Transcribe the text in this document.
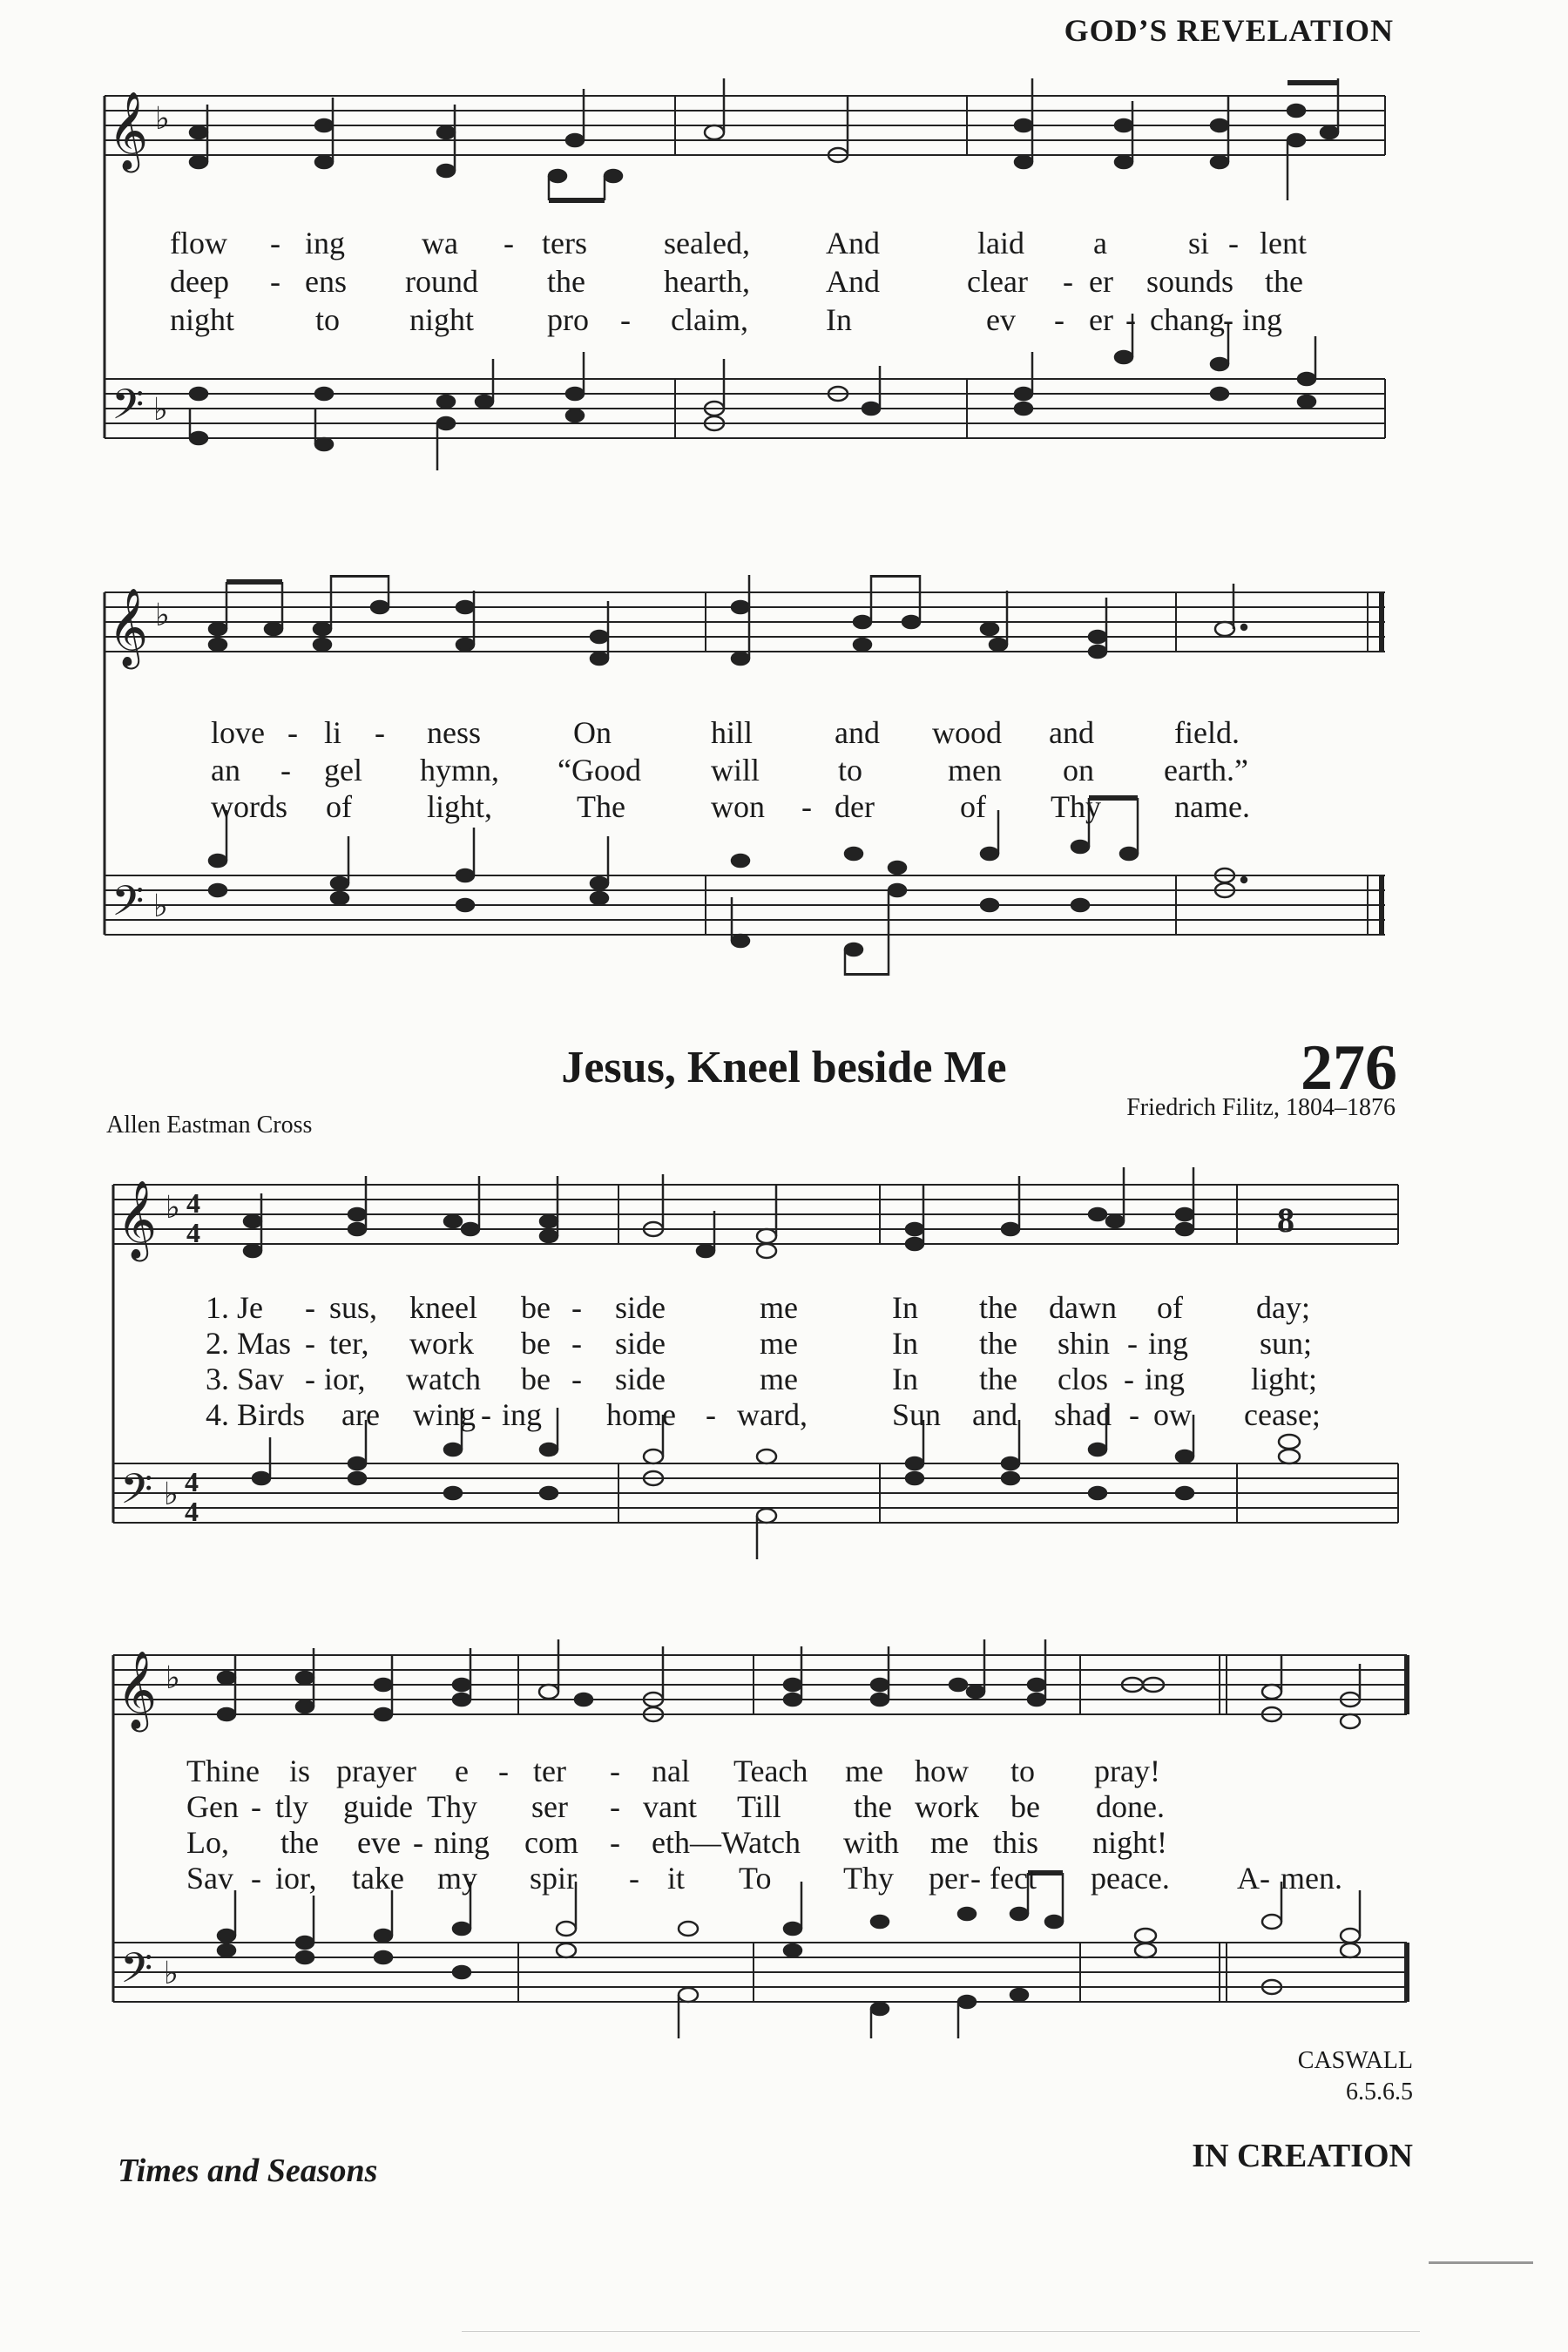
GOD’S REVELATION
𝄞
𝄢
♭
♭
flow - ing wa - ters sealed, And	laid a	si - lent
deep - ens round the	hearth, And	clear - er sounds the
night	to night pro - claim, In	ev - er - chang
- ing
𝄞
𝄢
♭
♭
love - li - ness	On	hill	and wood and	field.
an - gel hymn, “Good will to	men on earth.”
words of light,	The	won - der	of Thy name.
Jesus, Kneel beside Me	276
Allen Eastman Cross
Friedrich Filitz, 1804–1876
𝄞
𝄢
♭
♭
4
4
4
4
8
1. Je - sus, kneel be - side	me	In the dawn of day;
2. Mas - ter, work be - side	me	In the shin - ing sun;
3. Sav - ior, watch be - side	me	In the clos - ing light;
4. Birds are wing - ing home - ward,	Sun and shad - ow cease;
𝄞
𝄢
♭
♭
Thine is prayer e - ter - nal Teach me how to pray!
Gen - tly guide Thy ser - vant Till the work be done.
Lo, the eve - ning com - eth—Watch with me this night!
Sav - ior, take my spir - it To Thy per - fect peace. A - men.
CASWALL
6.5.6.5
Times and Seasons	IN CREATION
